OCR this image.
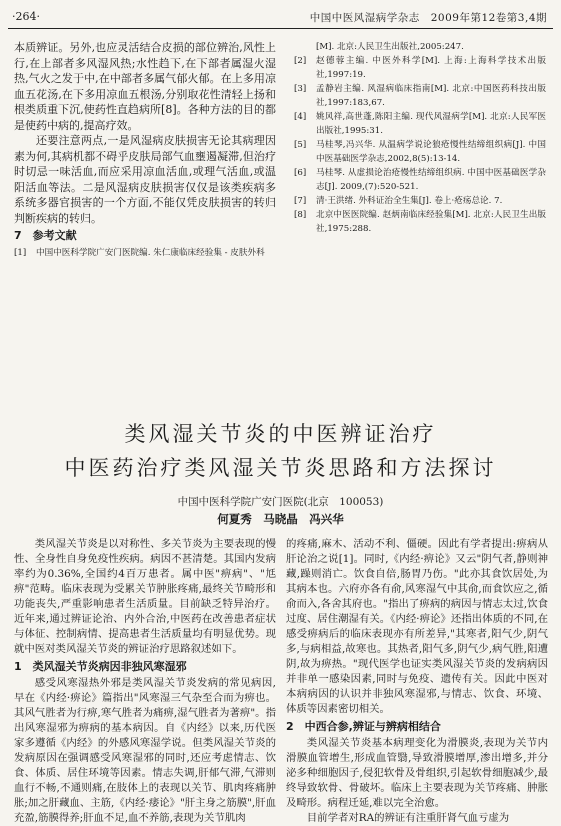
·264·	中国中医风湿病学杂志　2009年第12卷第3,4期

本质辨证。另外,也应灵活结合皮损的部位辨治,风性上行,在上部者多风湿风热;水性趋下,在下部者属湿火湿热,气火之发于中,在中部者多属气郁火郁。在上多用凉血五花汤,在下多用凉血五根汤,分别取花性清轻上扬和根类质重下沉,使药性直趋病所[8]。各种方法的目的都是使药中病的,提高疗效。

还要注意两点,一是风湿病皮肤损害无论其病理因素为何,其病机都不碍乎皮肤局部气血壅遏凝滞,但治疗时切忌一味活血,而应采用凉血活血,或理气活血,或温阳活血等法。二是风湿病皮肤损害仅仅是该类疾病多系统多器官损害的一个方面,不能仅凭皮肤损害的转归判断疾病的转归。

7　参考文献
[1]	中国中医科学院广安门医院编. 朱仁康临床经验集 - 皮肤外科
[M]. 北京:人民卫生出版社,2005:247.
[2]	赵德蓉主编. 中医外科学[M]. 上海:上海科学技术出版社,1997:19.
[3]	孟静岩主编. 风湿病临床指南[M]. 北京:中国医药科技出版社,1997:183,67.
[4]	姚风祥,高世蓬,陈阳主编. 现代风湿病学[M]. 北京:人民军医出版社,1995:31.
[5]	马桂琴,冯兴华. 从温病学说论狼疮慢性结缔组织病[J]. 中国中医基础医学杂志,2002,8(5):13-14.
[6]	马桂琴. 从虚损论治疮慢性结缔组织病. 中国中医基础医学杂志[J]. 2009,(7):520-521.
[7]	清·王洪绪. 外科证治全生集[J]. 卷上·疮疡总论. 7.
[8]	北京中医医院编. 赵炳南临床经验集[M]. 北京:人民卫生出版社,1975:288.
类风湿关节炎的中医辨证治疗
中医药治疗类风湿关节炎思路和方法探讨
中国中医科学院广安门医院(北京　100053)
何夏秀　马晓晶　冯兴华

类风湿关节炎是以对称性、多关节炎为主要表现的慢性、全身性自身免疫性疾病。病因不甚清楚。其国内发病率约为0.36%,全国约4百万患者。属中医"痹病"、"尪痹"范畴。临床表现为受累关节肿胀疼痛,最终关节畸形和功能丧失,严重影响患者生活质量。目前缺乏特异治疗。近年来,通过辨证论治、内外合治,中医药在改善患者症状与体征、控制病情、提高患者生活质量均有明显优势。现就中医对类风湿关节炎的辨证治疗思路叙述如下。

1　类风湿关节炎病因非独风寒湿邪

感受风寒湿热外邪是类风湿关节炎发病的常见病因,早在《内经·痹论》篇指出"风寒湿三气杂至合而为痹也。其风气胜者为行痹,寒气胜者为痛痹,湿气胜者为著痹"。指出风寒湿邪为痹病的基本病因。自《内经》以来,历代医家多遵循《内经》的外感风寒湿学说。但类风湿关节炎的发病原因在强调感受风寒湿邪的同时,还应考虑情志、饮食、体质、居住环境等因素。情志失调,肝郁气滞,气滞则血行不畅,不通则痛,在肢体上的表现以关节、肌肉疼痛肿胀;加之肝藏血、主筋,《内经·痿论》"肝主身之筋膜",肝血充盈,筋膜得养;肝血不足,血不养筋,表现为关节肌肉

的疼痛,麻木、活动不利、僵硬。因此有学者提出:痹病从肝论治之说[1]。同时,《内经·痹论》又云"阴气者,静则神藏,躁则消亡。饮食自倍,肠胃乃伤。"此亦其食饮居处,为其病本也。六府亦各有俞,风寒湿气中其俞,而食饮应之,循俞而入,各舍其府也。"指出了痹病的病因与情志太过,饮食过度、居住潮湿有关。《内经·痹论》还指出体质的不同,在感受痹病后的临床表现亦有所差异,"其寒者,阳气少,阴气多,与病相益,故寒也。其热者,阳气多,阴气少,病气胜,阳遭阴,故为痹热。"现代医学也证实类风湿关节炎的发病病因并非单一感染因素,同时与免疫、遗传有关。因此中医对本病病因的认识并非独风寒湿邪,与情志、饮食、环境、体质等因素密切相关。

2　中西合参,辨证与辨病相结合

类风湿关节炎基本病理变化为滑膜炎,表现为关节内滑膜血管增生,形成血管翳,导致滑膜增厚,渗出增多,并分泌多种细胞因子,侵犯软骨及骨组织,引起软骨细胞减少,最终导致软骨、骨破坏。临床上主要表现为关节疼痛、肿胀及畸形。病程迁延,难以完全治愈。

目前学者对RA的辨证有注重肝肾气血亏虚为
